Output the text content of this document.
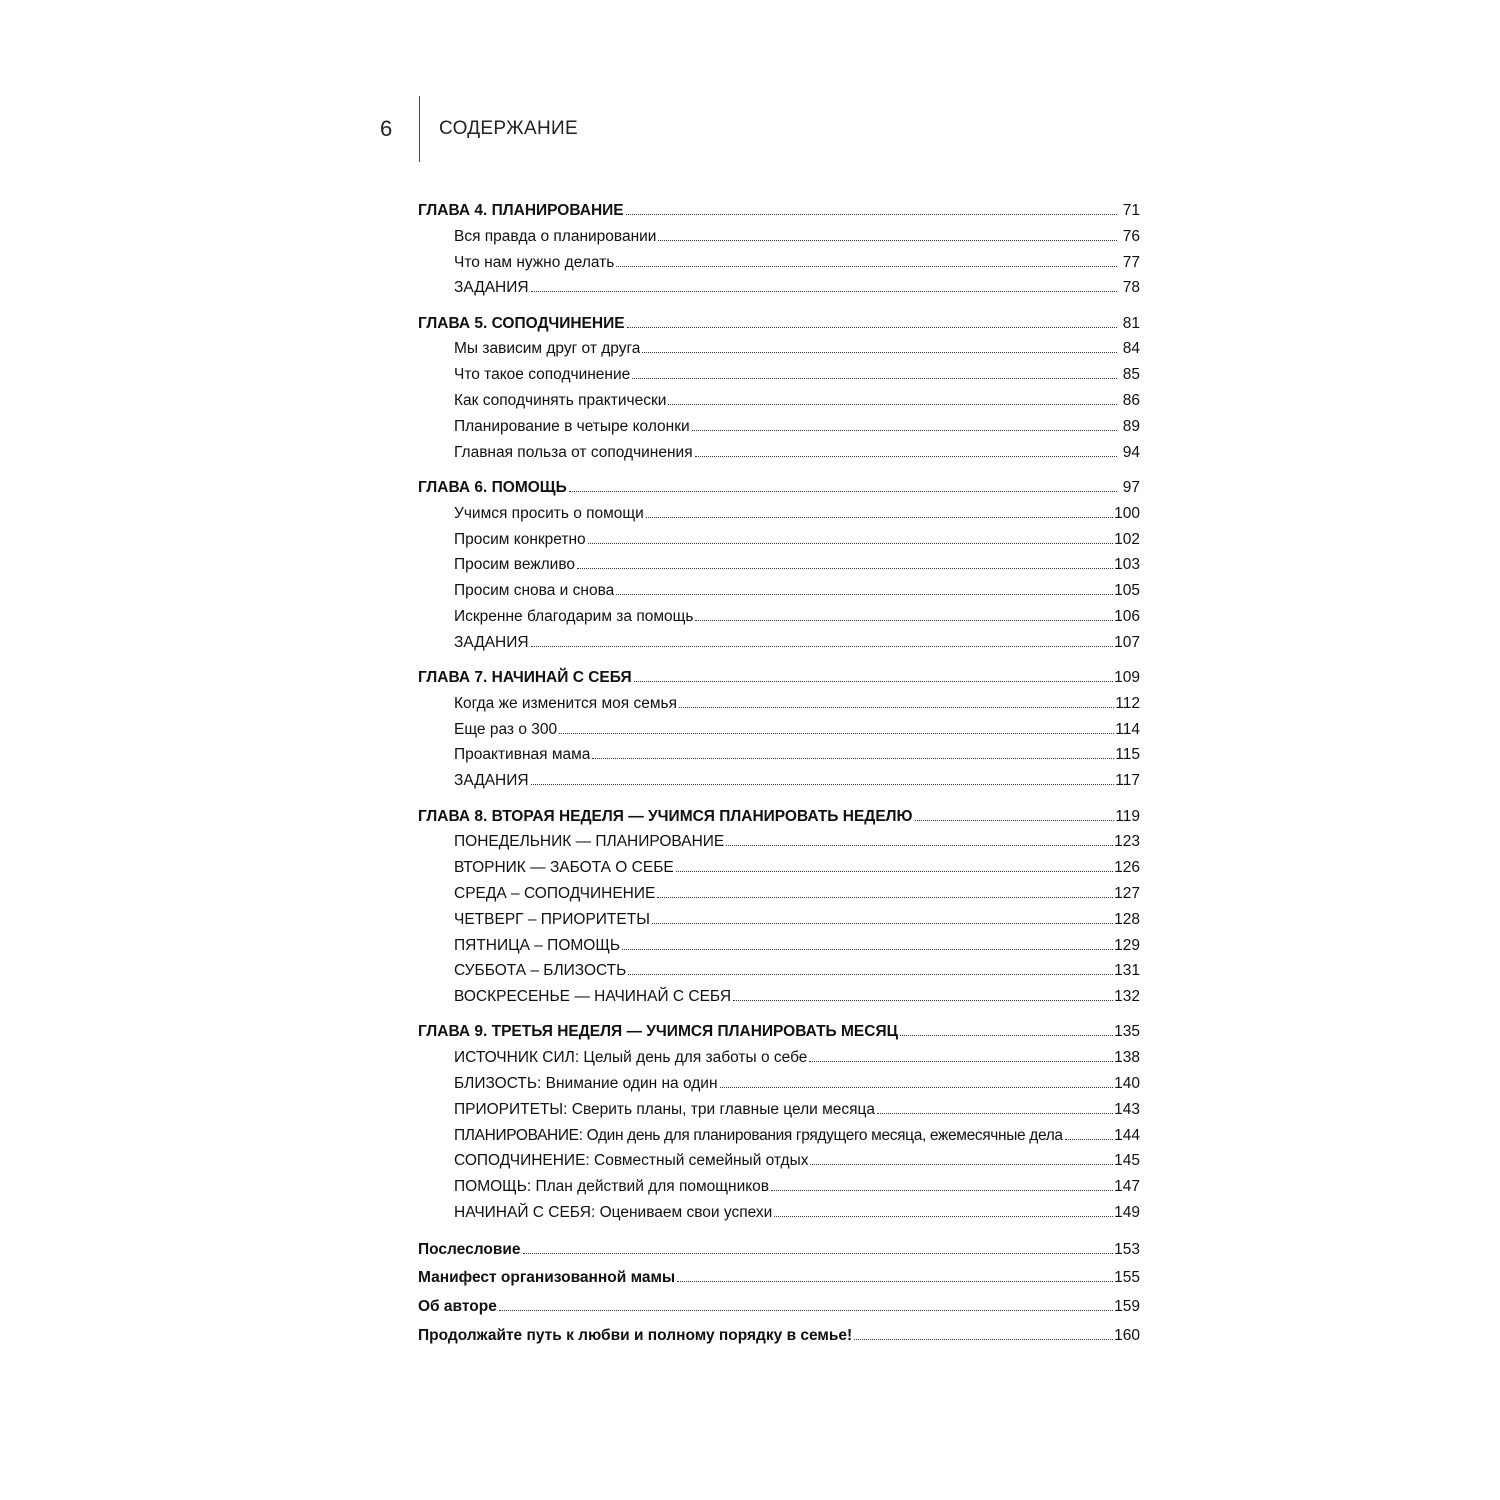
6	СОДЕРЖАНИЕ
ГЛАВА 4. ПЛАНИРОВАНИЕ	71
Вся правда о планировании	76
Что нам нужно делать	77
ЗАДАНИЯ	78
ГЛАВА 5. СОПОДЧИНЕНИЕ	81
Мы зависим друг от друга	84
Что такое соподчинение	85
Как соподчинять практически	86
Планирование в четыре колонки	89
Главная польза от соподчинения	94
ГЛАВА 6. ПОМОЩЬ	97
Учимся просить о помощи	100
Просим конкретно	102
Просим вежливо	103
Просим снова и снова	105
Искренне благодарим за помощь	106
ЗАДАНИЯ	107
ГЛАВА 7. НАЧИНАЙ С СЕБЯ	109
Когда же изменится моя семья	112
Еще раз о 300	114
Проактивная мама	115
ЗАДАНИЯ	117
ГЛАВА 8. ВТОРАЯ НЕДЕЛЯ — УЧИМСЯ ПЛАНИРОВАТЬ НЕДЕЛЮ	119
ПОНЕДЕЛЬНИК — ПЛАНИРОВАНИЕ	123
ВТОРНИК — ЗАБОТА О СЕБЕ	126
СРЕДА – СОПОДЧИНЕНИЕ	127
ЧЕТВЕРГ – ПРИОРИТЕТЫ	128
ПЯТНИЦА – ПОМОЩЬ	129
СУББОТА – БЛИЗОСТЬ	131
ВОСКРЕСЕНЬЕ — НАЧИНАЙ С СЕБЯ	132
ГЛАВА 9. ТРЕТЬЯ НЕДЕЛЯ — УЧИМСЯ ПЛАНИРОВАТЬ МЕСЯЦ	135
ИСТОЧНИК СИЛ: Целый день для заботы о себе	138
БЛИЗОСТЬ: Внимание один на один	140
ПРИОРИТЕТЫ: Сверить планы, три главные цели месяца	143
ПЛАНИРОВАНИЕ: Один день для планирования грядущего месяца, ежемесячные дела	144
СОПОДЧИНЕНИЕ: Совместный семейный отдых	145
ПОМОЩЬ: План действий для помощников	147
НАЧИНАЙ С СЕБЯ: Оцениваем свои успехи	149
Послесловие	153
Манифест организованной мамы	155
Об авторе	159
Продолжайте путь к любви и полному порядку в семье!	160
